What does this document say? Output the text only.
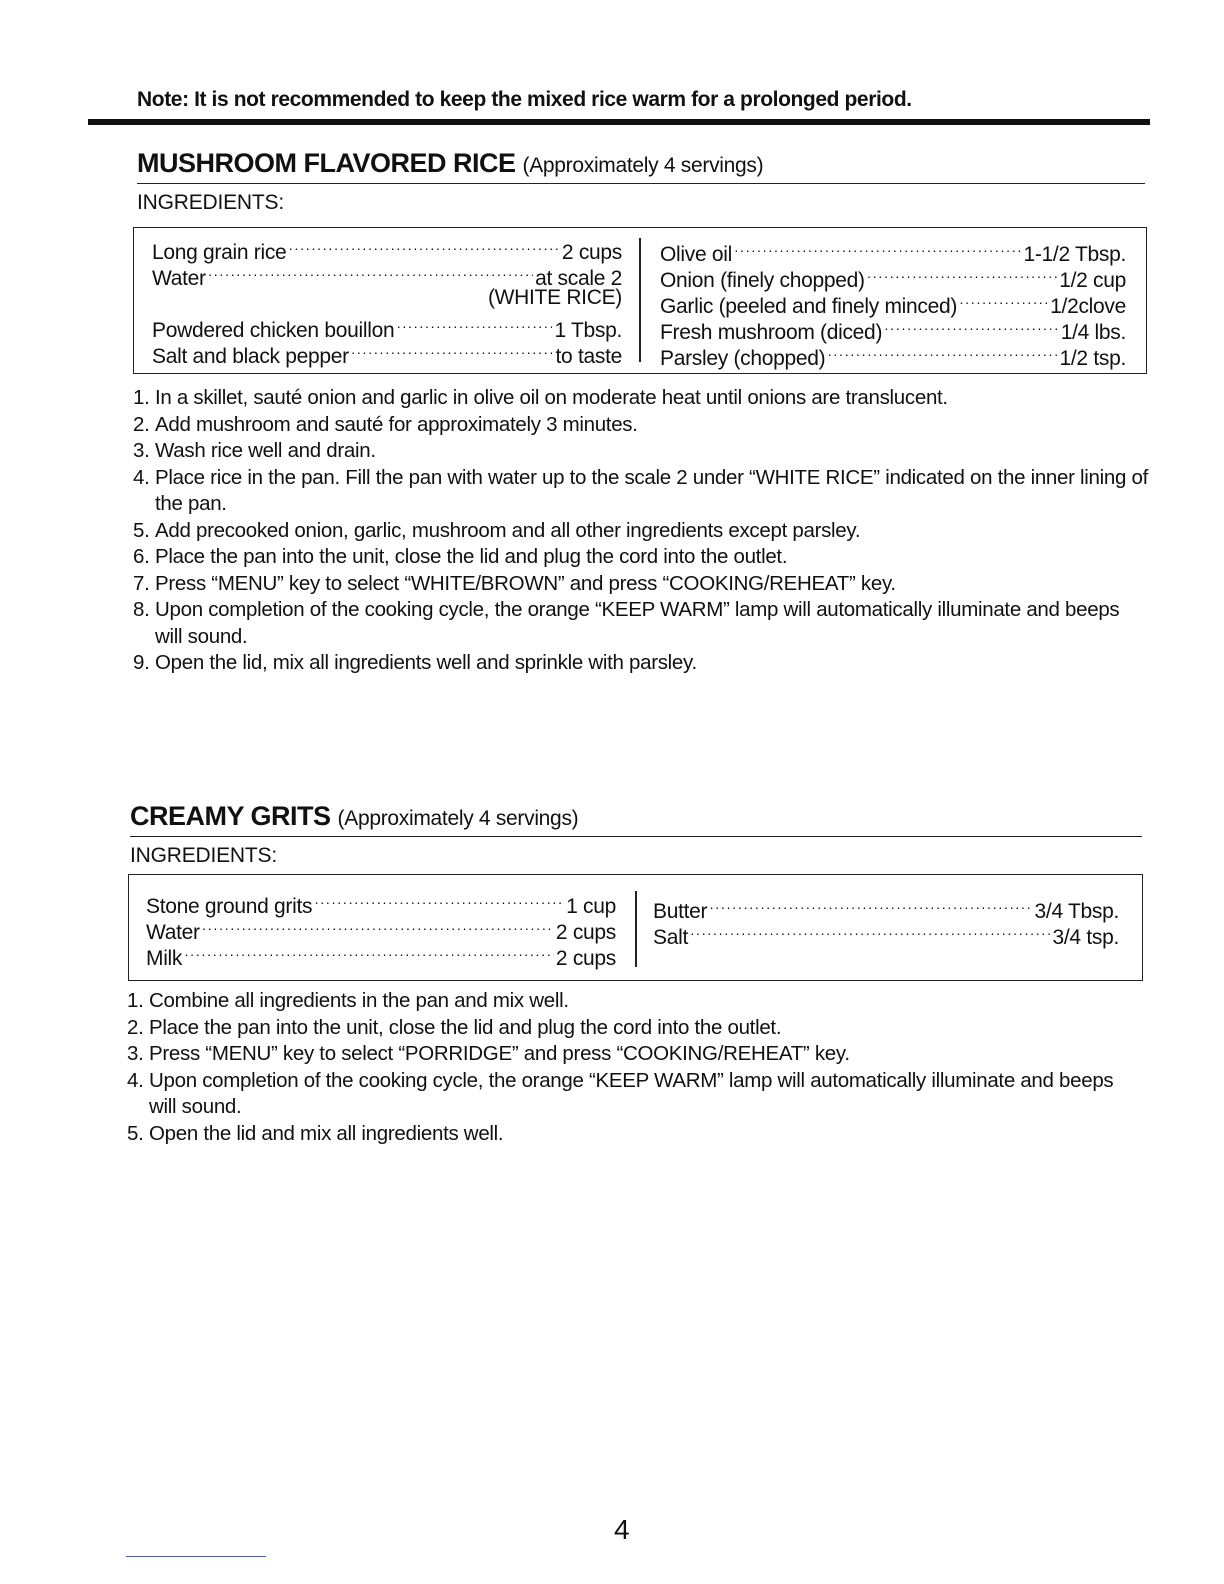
Note: It is not recommended to keep the mixed rice warm for a prolonged period.
MUSHROOM FLAVORED RICE (Approximately 4 servings)
INGREDIENTS:
Long grain rice ·····	2 cups
Water ·····	at scale 2
(WHITE RICE)
Powdered chicken bouillon ·····	1 Tbsp.
Salt and black pepper ·····	to taste
Olive oil ·····	1-1/2 Tbsp.
Onion (finely chopped) ·····	1/2 cup
Garlic (peeled and finely minced) ·····	1/2clove
Fresh mushroom (diced) ·····	1/4 lbs.
Parsley (chopped) ·····	1/2 tsp.
1. In a skillet, sauté onion and garlic in olive oil on moderate heat until onions are translucent.
2. Add mushroom and sauté for approximately 3 minutes.
3. Wash rice well and drain.
4. Place rice in the pan. Fill the pan with water up to the scale 2 under “WHITE RICE” indicated on the inner lining of the pan.
5. Add precooked onion, garlic, mushroom and all other ingredients except parsley.
6. Place the pan into the unit, close the lid and plug the cord into the outlet.
7. Press “MENU” key to select “WHITE/BROWN” and press “COOKING/REHEAT” key.
8. Upon completion of the cooking cycle, the orange “KEEP WARM” lamp will automatically illuminate and beeps will sound.
9. Open the lid, mix all ingredients well and sprinkle with parsley.
CREAMY GRITS (Approximately 4 servings)
INGREDIENTS:
Stone ground grits ·····	1 cup
Water ·····	2 cups
Milk ·····	2 cups
Butter ·····	3/4 Tbsp.
Salt ·····	3/4 tsp.
1. Combine all ingredients in the pan and mix well.
2. Place the pan into the unit, close the lid and plug the cord into the outlet.
3. Press “MENU” key to select “PORRIDGE” and press “COOKING/REHEAT” key.
4. Upon completion of the cooking cycle, the orange “KEEP WARM” lamp will automatically illuminate and beeps will sound.
5. Open the lid and mix all ingredients well.
4
